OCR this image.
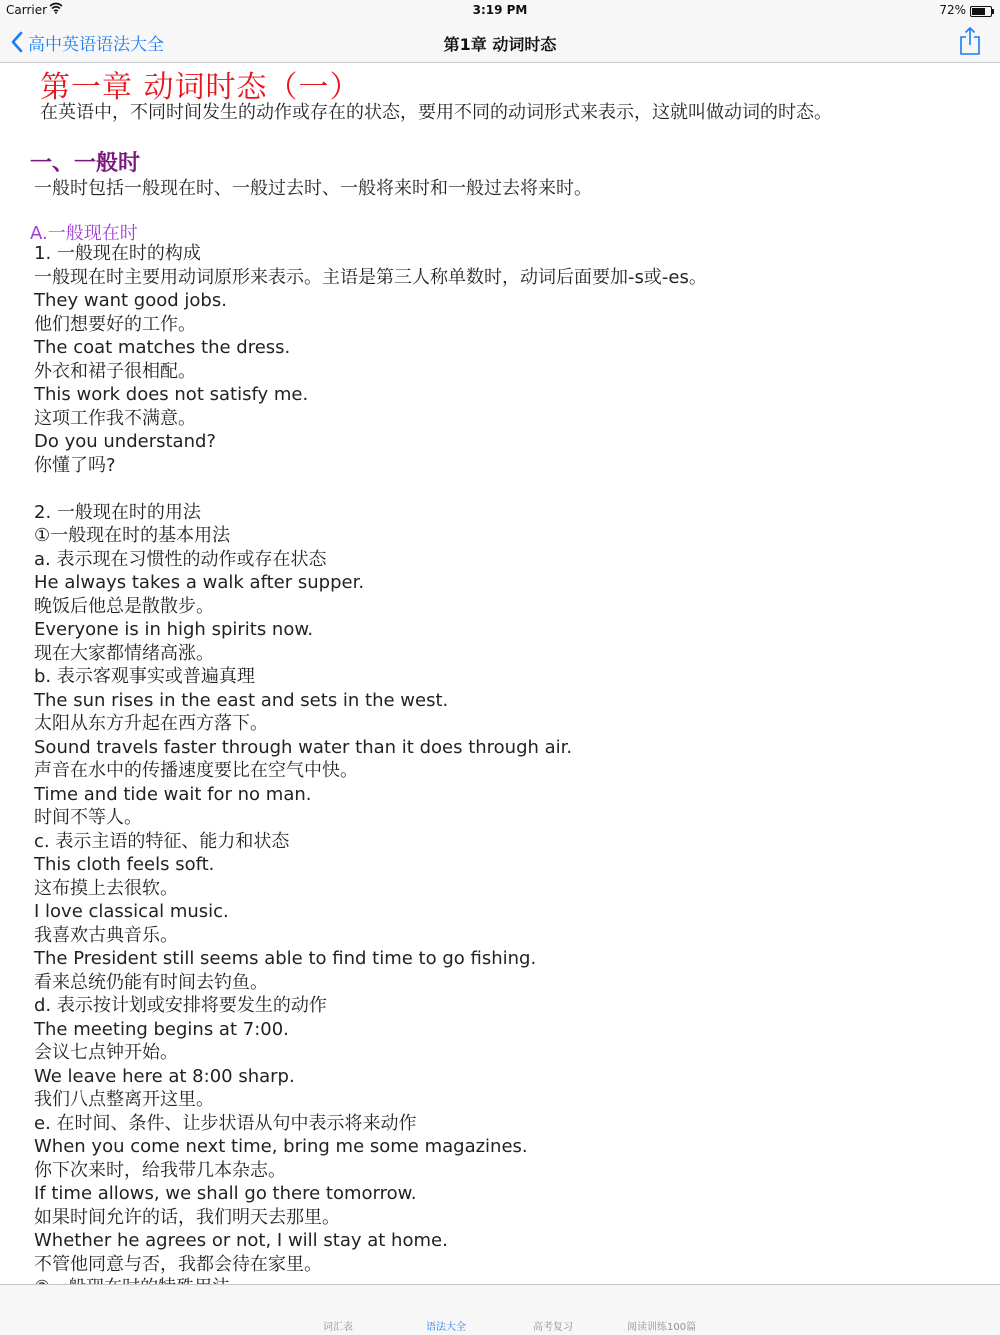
Carrier	3:19 PM	72%
高中英语语法大全	第1章 动词时态
第一章 动词时态（一）
在英语中，不同时间发生的动作或存在的状态，要用不同的动词形式来表示，这就叫做动词的时态。
一、一般时
一般时包括一般现在时、一般过去时、一般将来时和一般过去将来时。
A.一般现在时
1. 一般现在时的构成
一般现在时主要用动词原形来表示。主语是第三人称单数时，动词后面要加-s或-es。
They want good jobs.
他们想要好的工作。
The coat matches the dress.
外衣和裙子很相配。
This work does not satisfy me.
这项工作我不满意。
Do you understand?
你懂了吗?
2. 一般现在时的用法
①一般现在时的基本用法
a. 表示现在习惯性的动作或存在状态
He always takes a walk after supper.
晚饭后他总是散散步。
Everyone is in high spirits now.
现在大家都情绪高涨。
b. 表示客观事实或普遍真理
The sun rises in the east and sets in the west.
太阳从东方升起在西方落下。
Sound travels faster through water than it does through air.
声音在水中的传播速度要比在空气中快。
Time and tide wait for no man.
时间不等人。
c. 表示主语的特征、能力和状态
This cloth feels soft.
这布摸上去很软。
I love classical music.
我喜欢古典音乐。
The President still seems able to find time to go fishing.
看来总统仍能有时间去钓鱼。
d. 表示按计划或安排将要发生的动作
The meeting begins at 7:00.
会议七点钟开始。
We leave here at 8:00 sharp.
我们八点整离开这里。
e. 在时间、条件、让步状语从句中表示将来动作
When you come next time, bring me some magazines.
你下次来时，给我带几本杂志。
If time allows, we shall go there tomorrow.
如果时间允许的话，我们明天去那里。
Whether he agrees or not, I will stay at home.
不管他同意与否，我都会待在家里。
词汇表	语法大全	高考复习	阅读训练100篇
